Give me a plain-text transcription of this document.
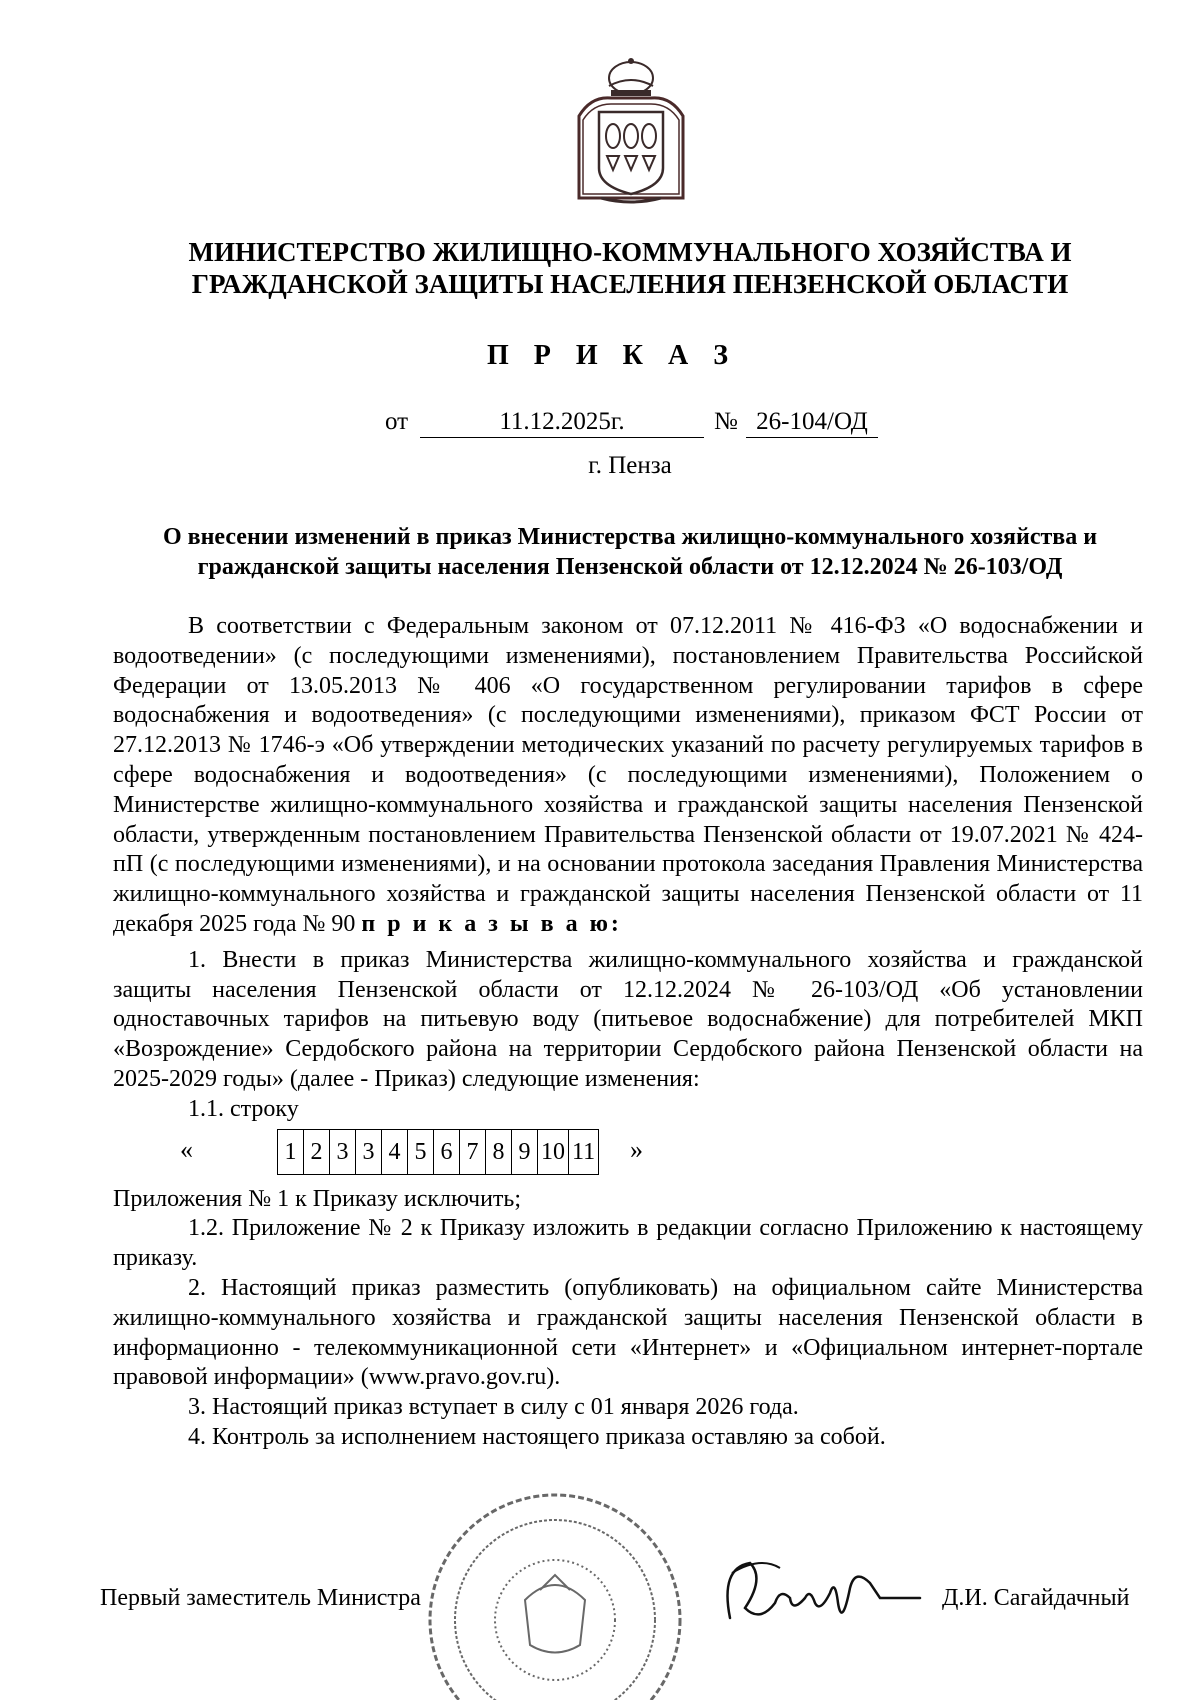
МИНИСТЕРСТВО ЖИЛИЩНО-КОММУНАЛЬНОГО ХОЗЯЙСТВА И
ГРАЖДАНСКОЙ ЗАЩИТЫ НАСЕЛЕНИЯ ПЕНЗЕНСКОЙ ОБЛАСТИ
П Р И К А З
от	11.12.2025г.	№ 26-104/ОД
г. Пенза
О внесении изменений в приказ Министерства жилищно-коммунального хозяйства и
гражданской защиты населения Пензенской области от 12.12.2024 № 26-103/ОД

В соответствии с Федеральным законом от 07.12.2011 № 416-ФЗ «О водоснабжении и водоотведении» (с последующими изменениями), постановлением Правительства Российской Федерации от 13.05.2013 № 406 «О государственном регулировании тарифов в сфере водоснабжения и водоотведения» (с последующими изменениями), приказом ФСТ России от 27.12.2013 № 1746-э «Об утверждении методических указаний по расчету регулируемых тарифов в сфере водоснабжения и водоотведения» (с последующими изменениями), Положением о Министерстве жилищно-коммунального хозяйства и гражданской защиты населения Пензенской области, утвержденным постановлением Правительства Пензенской области от 19.07.2021 № 424-пП (с последующими изменениями), и на основании протокола заседания Правления Министерства жилищно-коммунального хозяйства и гражданской защиты населения Пензенской области от 11 декабря 2025 года № 90 п р и к а з ы в а ю:

1. Внести в приказ Министерства жилищно-коммунального хозяйства и гражданской защиты населения Пензенской области от 12.12.2024 № 26-103/ОД «Об установлении одноставочных тарифов на питьевую воду (питьевое водоснабжение) для потребителей МКП «Возрождение» Сердобского района на территории Сердобского района Пензенской области на 2025-2029 годы» (далее - Приказ) следующие изменения:

1.1. строку

«	1 2 3 3 4 5 6 7 8 9 10 11 »

Приложения № 1 к Приказу исключить;

1.2. Приложение № 2 к Приказу изложить в редакции согласно Приложению к настоящему приказу.

2. Настоящий приказ разместить (опубликовать) на официальном сайте Министерства жилищно-коммунального хозяйства и гражданской защиты населения Пензенской области в информационно - телекоммуникационной сети «Интернет» и «Официальном интернет-портале правовой информации» (www.pravo.gov.ru).

3. Настоящий приказ вступает в силу с 01 января 2026 года.

4. Контроль за исполнением настоящего приказа оставляю за собой.

Первый заместитель Министра	Д.И. Сагайдачный
